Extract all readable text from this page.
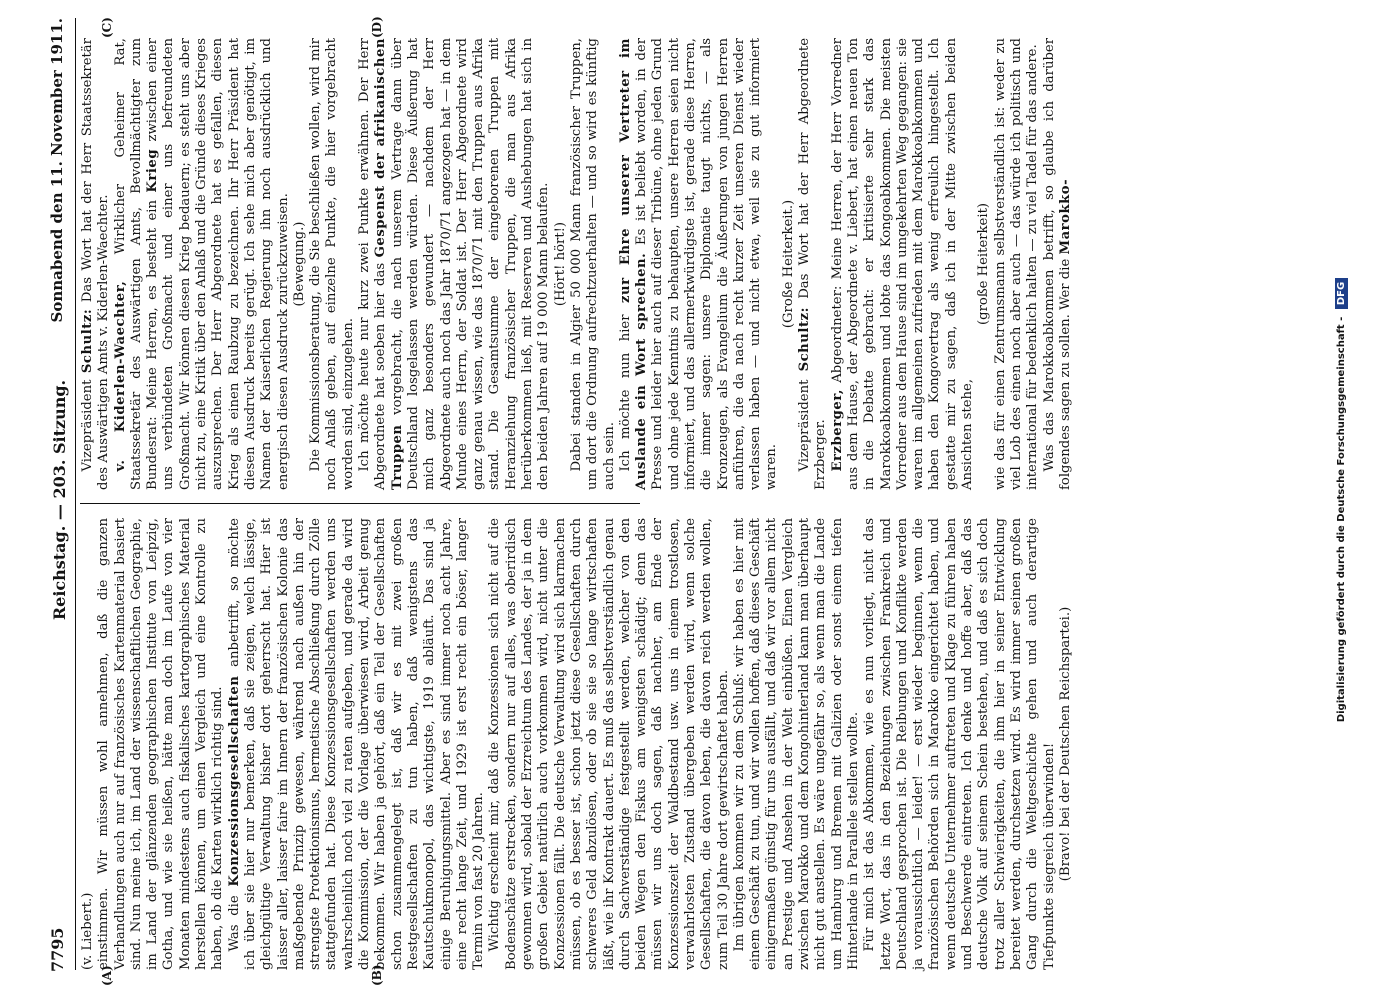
7795
Reichstag. — 203. Sitzung.
Sonnabend den 11. November 1911.
(A)	(B)
(C)	(D)

(v. Liebert.) einstimmen. Wir müssen wohl annehmen, daß die ganzen Verhandlungen auch nur auf französisches Kartenmaterial basiert sind. Nun meine ich, im Land der wissenschaftlichen Geographie, im Land der glänzenden geographischen Institute von Leipzig, Gotha, und wie sie heißen, hätte man doch im Laufe von vier Monaten mindestens auch fiskalisches kartographisches Material herstellen können, um einen Vergleich und eine Kontrolle zu haben, ob die Karten wirklich richtig sind. Was die Konzessionsgesellschaften anbetrifft, so möchte ich über sie hier nur bemerken, daß sie zeigen, welch lässige, gleichgültige Verwaltung bisher dort geherrscht hat. Hier ist laisser aller, laisser faire im Innern der französischen Kolonie das maßgebende Prinzip gewesen, während nach außen hin der strengste Protektionismus, hermetische Abschließung durch Zölle stattgefunden hat. Diese Konzessionsgesellschaften werden uns wahrscheinlich noch viel zu raten aufgeben, und gerade da wird die Kommission, der die Vorlage überwiesen wird, Arbeit genug bekommen. Wir haben ja gehört, daß ein Teil der Gesellschaften schon zusammengelegt ist, daß wir es mit zwei großen Restgesellschaften zu tun haben, daß wenigstens das Kautschukmonopol, das wichtigste, 1919 abläuft. Das sind ja einige Beruhigungsmittel. Aber es sind immer noch acht Jahre, eine recht lange Zeit, und 1929 ist erst recht ein böser, langer Termin von fast 20 Jahren. Wichtig erscheint mir, daß die Konzessionen sich nicht auf die Bodenschätze erstrecken, sondern nur auf alles, was oberirdisch gewonnen wird, sobald der Erzreichtum des Landes, der ja in dem großen Gebiet natürlich auch vorkommen wird, nicht unter die Konzessionen fällt. Die deutsche Verwaltung wird sich klarmachen müssen, ob es besser ist, schon jetzt diese Gesellschaften durch schweres Geld abzulösen, oder ob sie sie so lange wirtschaften läßt, wie ihr Kontrakt dauert. Es muß das selbstverständlich genau durch Sachverständige festgestellt werden, welcher von den beiden Wegen den Fiskus am wenigsten schädigt; denn das müssen wir uns doch sagen, daß nachher, am Ende der Konzessionszeit der Waldbestand usw. uns in einem trostlosen, verwahrlosten Zustand übergeben werden wird, wenn solche Gesellschaften, die davon leben, die davon reich werden wollen, zum Teil 30 Jahre dort gewirtschaftet haben. Im übrigen kommen wir zu dem Schluß: wir haben es hier mit einem Geschäft zu tun, und wir wollen hoffen, daß dieses Geschäft einigermaßen günstig für uns ausfällt, und daß wir vor allem nicht an Prestige und Ansehen in der Welt einbüßen. Einen Vergleich zwischen Marokko und dem Kongohinterland kann man überhaupt nicht gut anstellen. Es wäre ungefähr so, als wenn man die Lande um Hamburg und Bremen mit Galizien oder sonst einem tiefen Hinterlande in Parallele stellen wollte. Für mich ist das Abkommen, wie es nun vorliegt, nicht das letzte Wort, das in den Beziehungen zwischen Frankreich und Deutschland gesprochen ist. Die Reibungen und Konflikte werden ja voraussichtlich — leider! — erst wieder beginnen, wenn die französischen Behörden sich in Marokko eingerichtet haben, und wenn deutsche Unternehmer auftreten und Klage zu führen haben und Beschwerde eintreten. Ich denke und hoffe aber, daß das deutsche Volk auf seinem Schein bestehen, und daß es sich doch trotz aller Schwierigkeiten, die ihm hier in seiner Entwicklung bereitet werden, durchsetzen wird. Es wird immer seinen großen Gang durch die Weltgeschichte gehen und auch derartige Tiefpunkte siegreich überwinden! (Bravo! bei der Deutschen Reichspartei.)

Vizepräsident Schultz: Das Wort hat der Herr Staatssekretär des Auswärtigen Amts v. Kiderlen-Waechter. v. Kiderlen-Waechter, Wirklicher Geheimer Rat, Staatssekretär des Auswärtigen Amts, Bevollmächtigter zum Bundesrat: Meine Herren, es besteht ein Krieg zwischen einer uns verbündeten Großmacht und einer uns befreundeten Großmacht. Wir können diesen Krieg bedauern; es steht uns aber nicht zu, eine Kritik über den Anlaß und die Gründe dieses Krieges auszusprechen. Der Herr Abgeordnete hat es gefallen, diesen Krieg als einen Raubzug zu bezeichnen. Ihr Herr Präsident hat diesen Ausdruck bereits gerügt. Ich sehe mich aber genötigt, im Namen der Kaiserlichen Regierung ihn noch ausdrücklich und energisch diesen Ausdruck zurückzuweisen. (Bewegung.) Die Kommissionsberatung, die Sie beschließen wollen, wird mir noch Anlaß geben, auf einzelne Punkte, die hier vorgebracht worden sind, einzugehen. Ich möchte heute nur kurz zwei Punkte erwähnen. Der Herr Abgeordnete hat soeben hier das Gespenst der afrikanischen Truppen vorgebracht, die nach unserem Vertrage dann über Deutschland losgelassen werden würden. Diese Äußerung hat mich ganz besonders gewundert — nachdem der Herr Abgeordnete auch noch das Jahr 1870/71 angezogen hat — in dem Munde eines Herrn, der Soldat ist. Der Herr Abgeordnete wird ganz genau wissen, wie das 1870/71 mit den Truppen aus Afrika stand. Die Gesamtsumme der eingeborenen Truppen mit Heranziehung französischer Truppen, die man aus Afrika herüberkommen ließ, mit Reserven und Aushebungen hat sich in den beiden Jahren auf 19 000 Mann belaufen. (Hört! hört!) Dabei standen in Algier 50 000 Mann französischer Truppen, um dort die Ordnung aufrechtzuerhalten — und so wird es künftig auch sein. Ich möchte nun hier zur Ehre unserer Vertreter im Auslande ein Wort sprechen. Es ist beliebt worden, in der Presse und leider hier auch auf dieser Tribüne, ohne jeden Grund und ohne jede Kenntnis zu behaupten, unsere Herren seien nicht informiert, und das allermerkwürdigste ist, gerade diese Herren, die immer sagen: unsere Diplomatie taugt nichts, — als Kronzeugen, als Evangelium die Äußerungen von jungen Herren anführen, die da nach recht kurzer Zeit unseren Dienst wieder verlassen haben — und nicht etwa, weil sie zu gut informiert waren.

(Große Heiterkeit.)

Vizepräsident Schultz: Das Wort hat der Herr Abgeordnete Erzberger. Erzberger, Abgeordneter: Meine Herren, der Herr Vorredner aus dem Hause, der Abgeordnete v. Liebert, hat einen neuen Ton in die Debatte gebracht: er kritisierte sehr stark das Marokkoabkommen und lobte das Kongoabkommen. Die meisten Vorredner aus dem Hause sind im umgekehrten Weg gegangen: sie waren im allgemeinen zufrieden mit dem Marokkoabkommen und haben den Kongovertrag als wenig erfreulich hingestellt. Ich gestatte mir zu sagen, daß ich in der Mitte zwischen beiden Ansichten stehe,

(große Heiterkeit) wie das für einen Zentrumsmann selbstverständlich ist: weder zu viel Lob des einen noch aber auch — das würde ich politisch und international für bedenklich halten — zu viel Tadel für das andere. Was das Marokkoabkommen betrifft, so glaube ich darüber folgendes sagen zu sollen. Wer die Marokko-

Digitalisierung gefördert durch die Deutsche Forschungsgemeinschaft - DFG
